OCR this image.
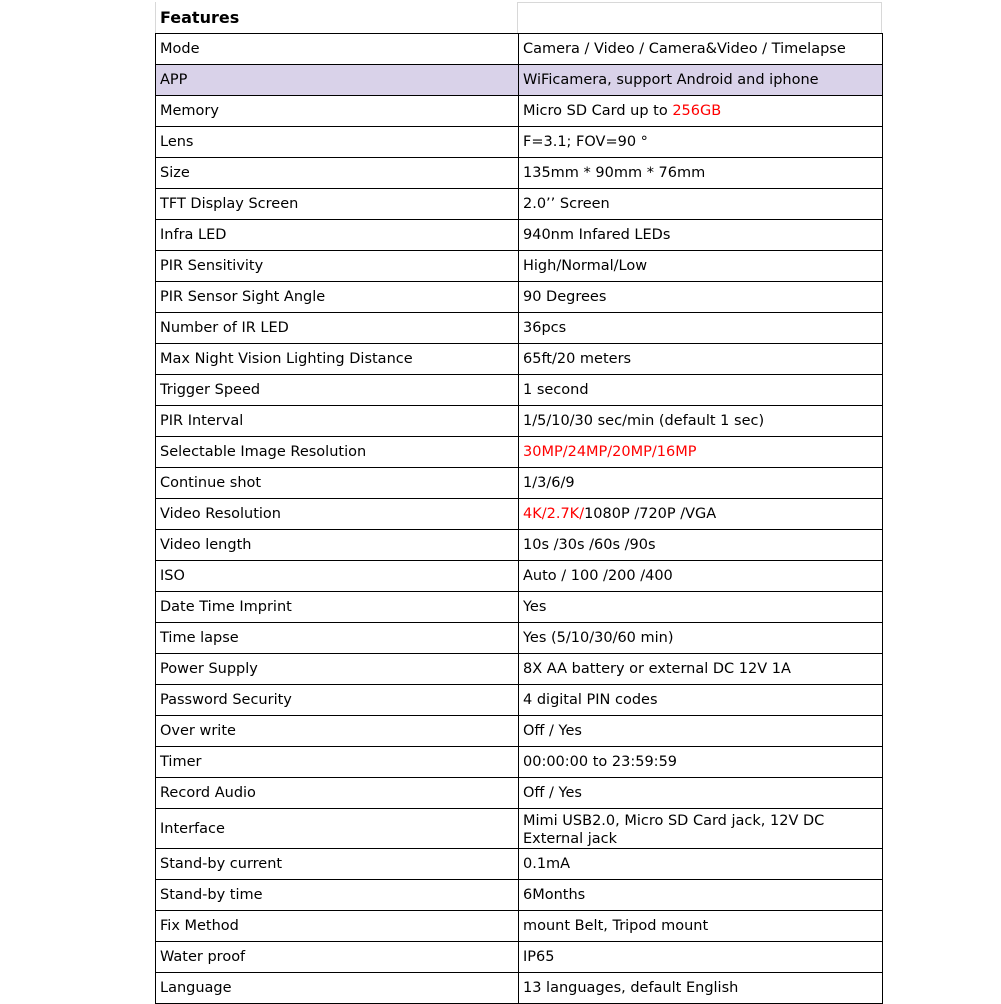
Features
Mode	Camera / Video / Camera&Video / Timelapse
APP	WiFicamera, support Android and iphone
Memory	Micro SD Card up to 256GB
Lens	F=3.1; FOV=90 °
Size	135mm * 90mm * 76mm
TFT Display Screen	2.0’’ Screen
Infra LED	940nm Infared LEDs
PIR Sensitivity	High/Normal/Low
PIR Sensor Sight Angle	90 Degrees
Number of IR LED	36pcs
Max Night Vision Lighting Distance	65ft/20 meters
Trigger Speed	1 second
PIR Interval	1/5/10/30 sec/min (default 1 sec)
Selectable Image Resolution	30MP/24MP/20MP/16MP
Continue shot	1/3/6/9
Video Resolution	4K/2.7K/1080P /720P /VGA
Video length	10s /30s /60s /90s
ISO	Auto / 100 /200 /400
Date Time Imprint	Yes
Time lapse	Yes (5/10/30/60 min)
Power Supply	8X AA battery or external DC 12V 1A
Password Security	4 digital PIN codes
Over write	Off / Yes
Timer	00:00:00 to 23:59:59
Record Audio	Off / Yes
Interface	Mimi USB2.0, Micro SD Card jack, 12V DC External jack
Stand-by current	0.1mA
Stand-by time	6Months
Fix Method	mount Belt, Tripod mount
Water proof	IP65
Language	13 languages, default English
